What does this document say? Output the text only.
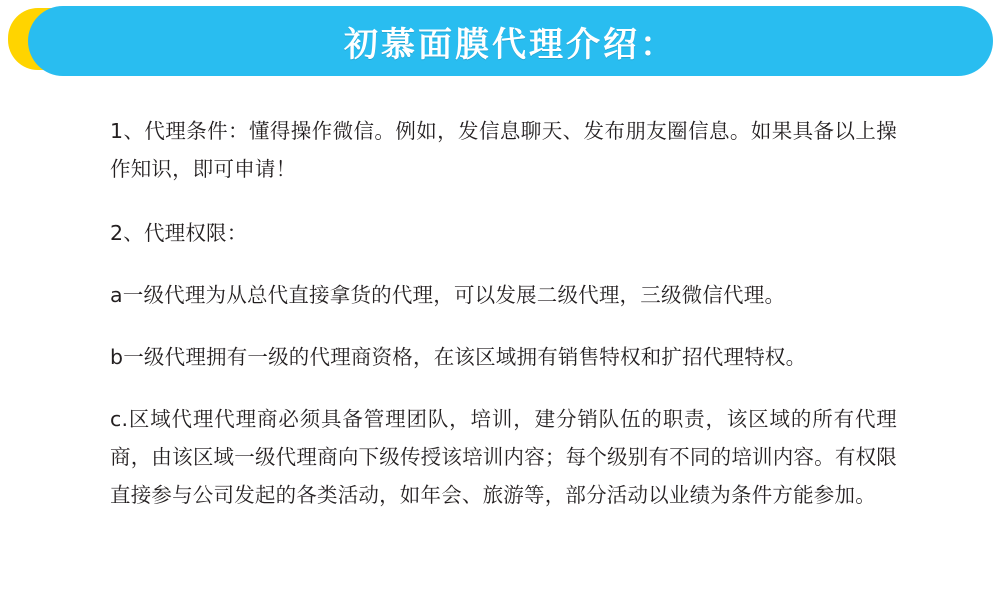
初慕面膜代理介绍：

1、代理条件：懂得操作微信。例如，发信息聊天、发布朋友圈信息。如果具备以上操作知识，即可申请！

2、代理权限：

a一级代理为从总代直接拿货的代理，可以发展二级代理，三级微信代理。

b一级代理拥有一级的代理商资格，在该区域拥有销售特权和扩招代理特权。

c.区域代理代理商必须具备管理团队，培训，建分销队伍的职责，该区域的所有代理商，由该区域一级代理商向下级传授该培训内容；每个级别有不同的培训内容。有权限直接参与公司发起的各类活动，如年会、旅游等，部分活动以业绩为条件方能参加。
